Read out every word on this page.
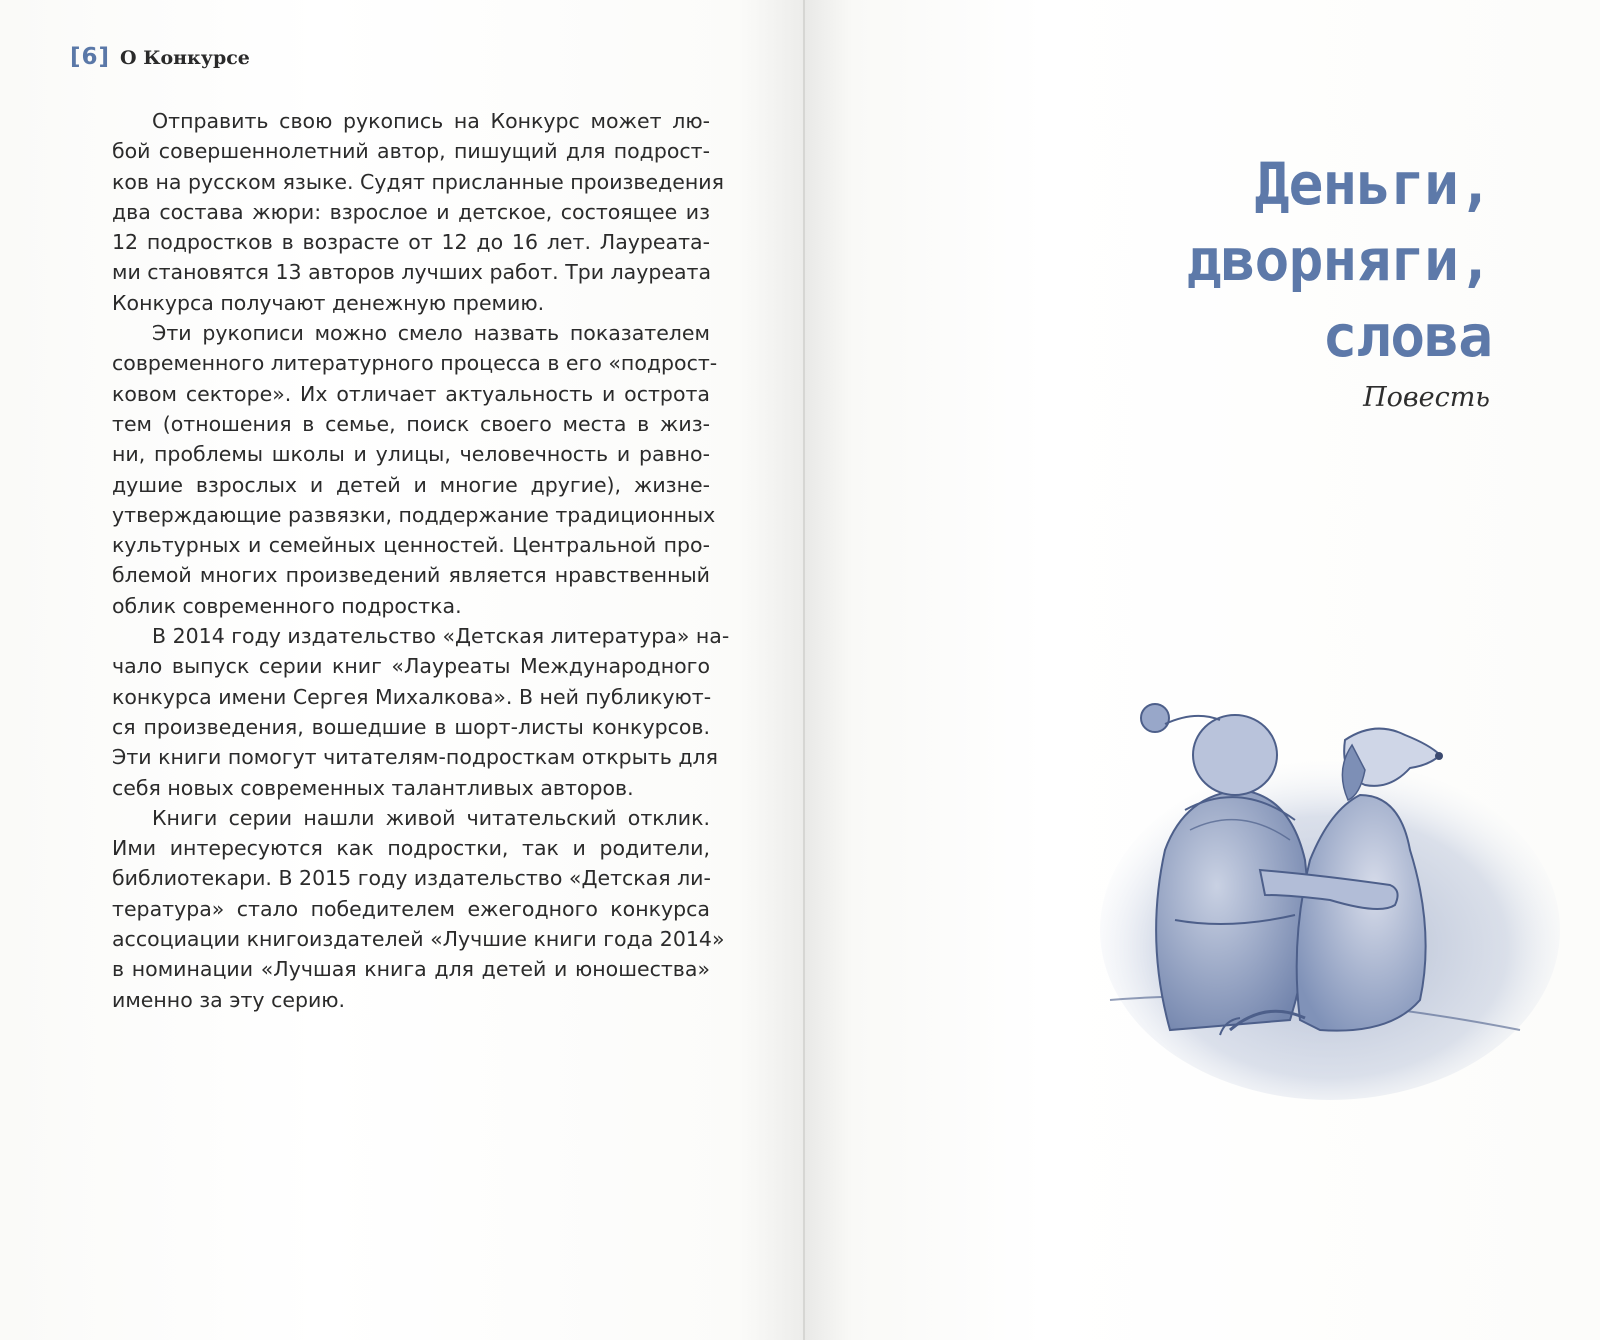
[6] О Конкурсе
Отправить свою рукопись на Конкурс может лю-
бой совершеннолетний автор, пишущий для подрост-
ков на русском языке. Судят присланные произведения
два состава жюри: взрослое и детское, состоящее из
12 подростков в возрасте от 12 до 16 лет. Лауреата-
ми становятся 13 авторов лучших работ. Три лауреата
Конкурса получают денежную премию.
Эти рукописи можно смело назвать показателем
современного литературного процесса в его «подрост-
ковом секторе». Их отличает актуальность и острота
тем (отношения в семье, поиск своего места в жиз-
ни, проблемы школы и улицы, человечность и равно-
душие взрослых и детей и многие другие), жизне-
утверждающие развязки, поддержание традиционных
культурных и семейных ценностей. Центральной про-
блемой многих произведений является нравственный
облик современного подростка.
В 2014 году издательство «Детская литература» на-
чало выпуск серии книг «Лауреаты Международного
конкурса имени Сергея Михалкова». В ней публикуют-
ся произведения, вошедшие в шорт-листы конкурсов.
Эти книги помогут читателям-подросткам открыть для
себя новых современных талантливых авторов.
Книги серии нашли живой читательский отклик.
Ими интересуются как подростки, так и родители,
библиотекари. В 2015 году издательство «Детская ли-
тература» стало победителем ежегодного конкурса
ассоциации книгоиздателей «Лучшие книги года 2014»
в номинации «Лучшая книга для детей и юношества»
именно за эту серию.
Деньги,
дворняги,
слова
Повесть
